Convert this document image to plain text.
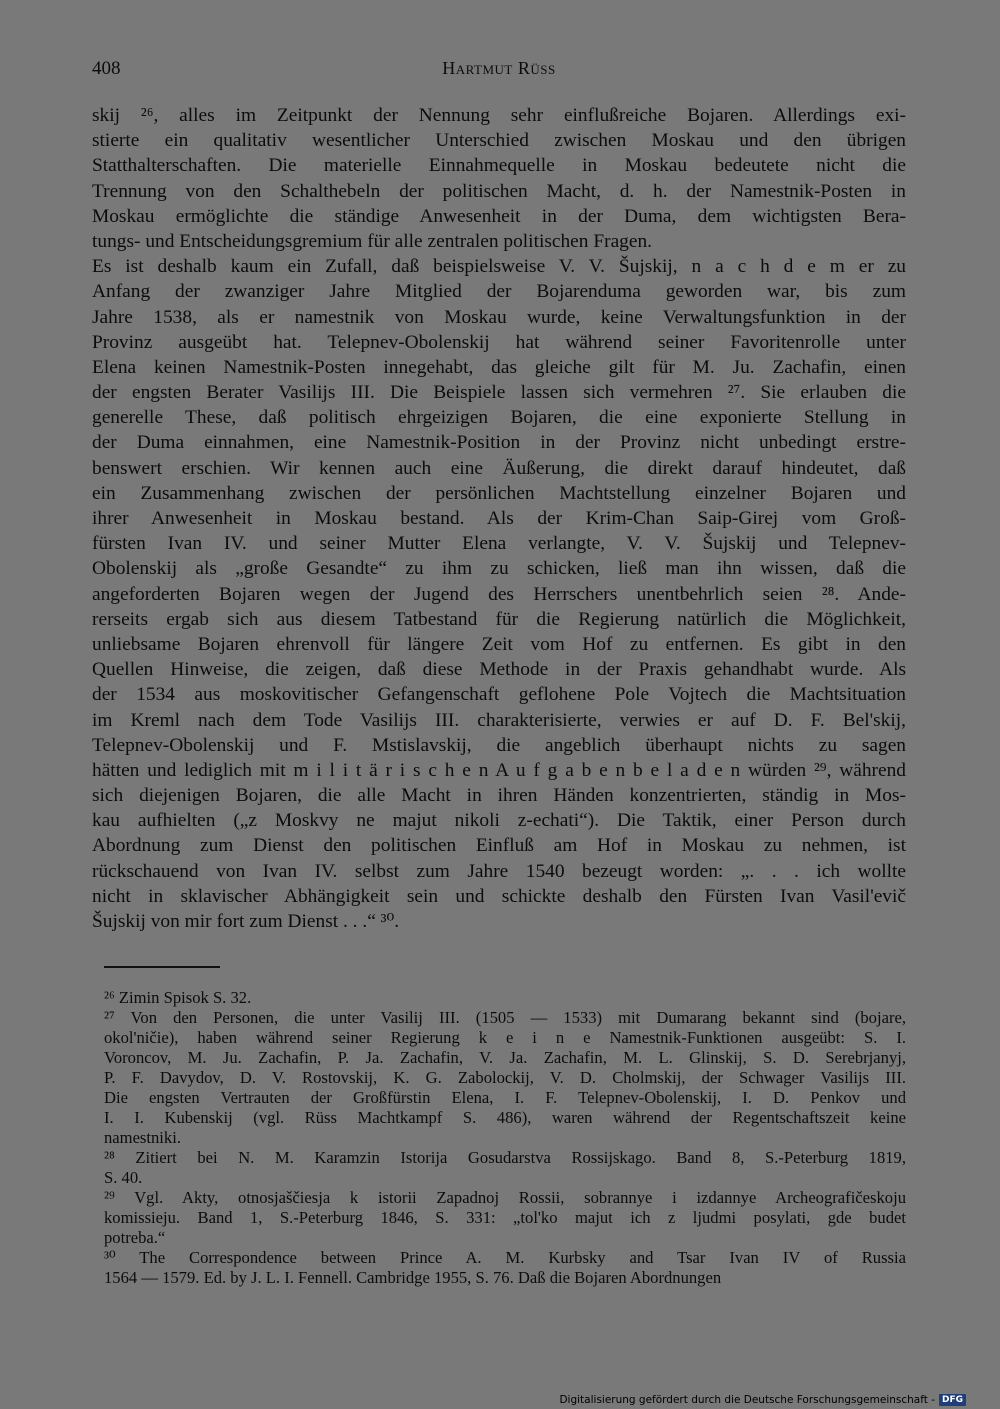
408	Hartmut Rüss
skij ²⁶, alles im Zeitpunkt der Nennung sehr einflußreiche Bojaren. Allerdings exi-
stierte ein qualitativ wesentlicher Unterschied zwischen Moskau und den übrigen
Statthalterschaften. Die materielle Einnahmequelle in Moskau bedeutete nicht die
Trennung von den Schalthebeln der politischen Macht, d. h. der Namestnik-Posten in
Moskau ermöglichte die ständige Anwesenheit in der Duma, dem wichtigsten Bera-
tungs- und Entscheidungsgremium für alle zentralen politischen Fragen.
Es ist deshalb kaum ein Zufall, daß beispielsweise V. V. Šujskij, n a c h d e m er zu
Anfang der zwanziger Jahre Mitglied der Bojarenduma geworden war, bis zum
Jahre 1538, als er namestnik von Moskau wurde, keine Verwaltungsfunktion in der
Provinz ausgeübt hat. Telepnev-Obolenskij hat während seiner Favoritenrolle unter
Elena keinen Namestnik-Posten innegehabt, das gleiche gilt für M. Ju. Zachafin, einen
der engsten Berater Vasilijs III. Die Beispiele lassen sich vermehren ²⁷. Sie erlauben die
generelle These, daß politisch ehrgeizigen Bojaren, die eine exponierte Stellung in
der Duma einnahmen, eine Namestnik-Position in der Provinz nicht unbedingt erstre-
benswert erschien. Wir kennen auch eine Äußerung, die direkt darauf hindeutet, daß
ein Zusammenhang zwischen der persönlichen Machtstellung einzelner Bojaren und
ihrer Anwesenheit in Moskau bestand. Als der Krim-Chan Saip-Girej vom Groß-
fürsten Ivan IV. und seiner Mutter Elena verlangte, V. V. Šujskij und Telepnev-
Obolenskij als „große Gesandte“ zu ihm zu schicken, ließ man ihn wissen, daß die
angeforderten Bojaren wegen der Jugend des Herrschers unentbehrlich seien ²⁸. Ande-
rerseits ergab sich aus diesem Tatbestand für die Regierung natürlich die Möglichkeit,
unliebsame Bojaren ehrenvoll für längere Zeit vom Hof zu entfernen. Es gibt in den
Quellen Hinweise, die zeigen, daß diese Methode in der Praxis gehandhabt wurde. Als
der 1534 aus moskovitischer Gefangenschaft geflohene Pole Vojtech die Machtsituation
im Kreml nach dem Tode Vasilijs III. charakterisierte, verwies er auf D. F. Bel'skij,
Telepnev-Obolenskij und F. Mstislavskij, die angeblich überhaupt nichts zu sagen
hätten und lediglich mit m i l i t ä r i s c h e n A u f g a b e n b e l a d e n würden ²⁹, während
sich diejenigen Bojaren, die alle Macht in ihren Händen konzentrierten, ständig in Mos-
kau aufhielten („z Moskvy ne majut nikoli z-echati“). Die Taktik, einer Person durch
Abordnung zum Dienst den politischen Einfluß am Hof in Moskau zu nehmen, ist
rückschauend von Ivan IV. selbst zum Jahre 1540 bezeugt worden: „. . . ich wollte
nicht in sklavischer Abhängigkeit sein und schickte deshalb den Fürsten Ivan Vasil'evič
Šujskij von mir fort zum Dienst . . .“ ³⁰.
²⁶ Zimin Spisok S. 32.
²⁷ Von den Personen, die unter Vasilij III. (1505 — 1533) mit Dumarang bekannt sind (bojare,
okol'ničie), haben während seiner Regierung k e i n e Namestnik-Funktionen ausgeübt: S. I.
Voroncov, M. Ju. Zachafin, P. Ja. Zachafin, V. Ja. Zachafin, M. L. Glinskij, S. D. Serebrjanyj,
P. F. Davydov, D. V. Rostovskij, K. G. Zabolockij, V. D. Cholmskij, der Schwager Vasilijs III.
Die engsten Vertrauten der Großfürstin Elena, I. F. Telepnev-Obolenskij, I. D. Penkov und
I. I. Kubenskij (vgl. Rüss Machtkampf S. 486), waren während der Regentschaftszeit keine
namestniki.
²⁸ Zitiert bei N. M. Karamzin Istorija Gosudarstva Rossijskago. Band 8, S.-Peterburg 1819,
S. 40.
²⁹ Vgl. Akty, otnosjaščiesja k istorii Zapadnoj Rossii, sobrannye i izdannye Archeografičeskoju
komissieju. Band 1, S.-Peterburg 1846, S. 331: „tol'ko majut ich z ljudmi posylati, gde budet
potreba.“
³⁰ The Correspondence between Prince A. M. Kurbsky and Tsar Ivan IV of Russia
1564 — 1579. Ed. by J. L. I. Fennell. Cambridge 1955, S. 76. Daß die Bojaren Abordnungen
Digitalisierung gefördert durch die Deutsche Forschungsgemeinschaft - DFG
